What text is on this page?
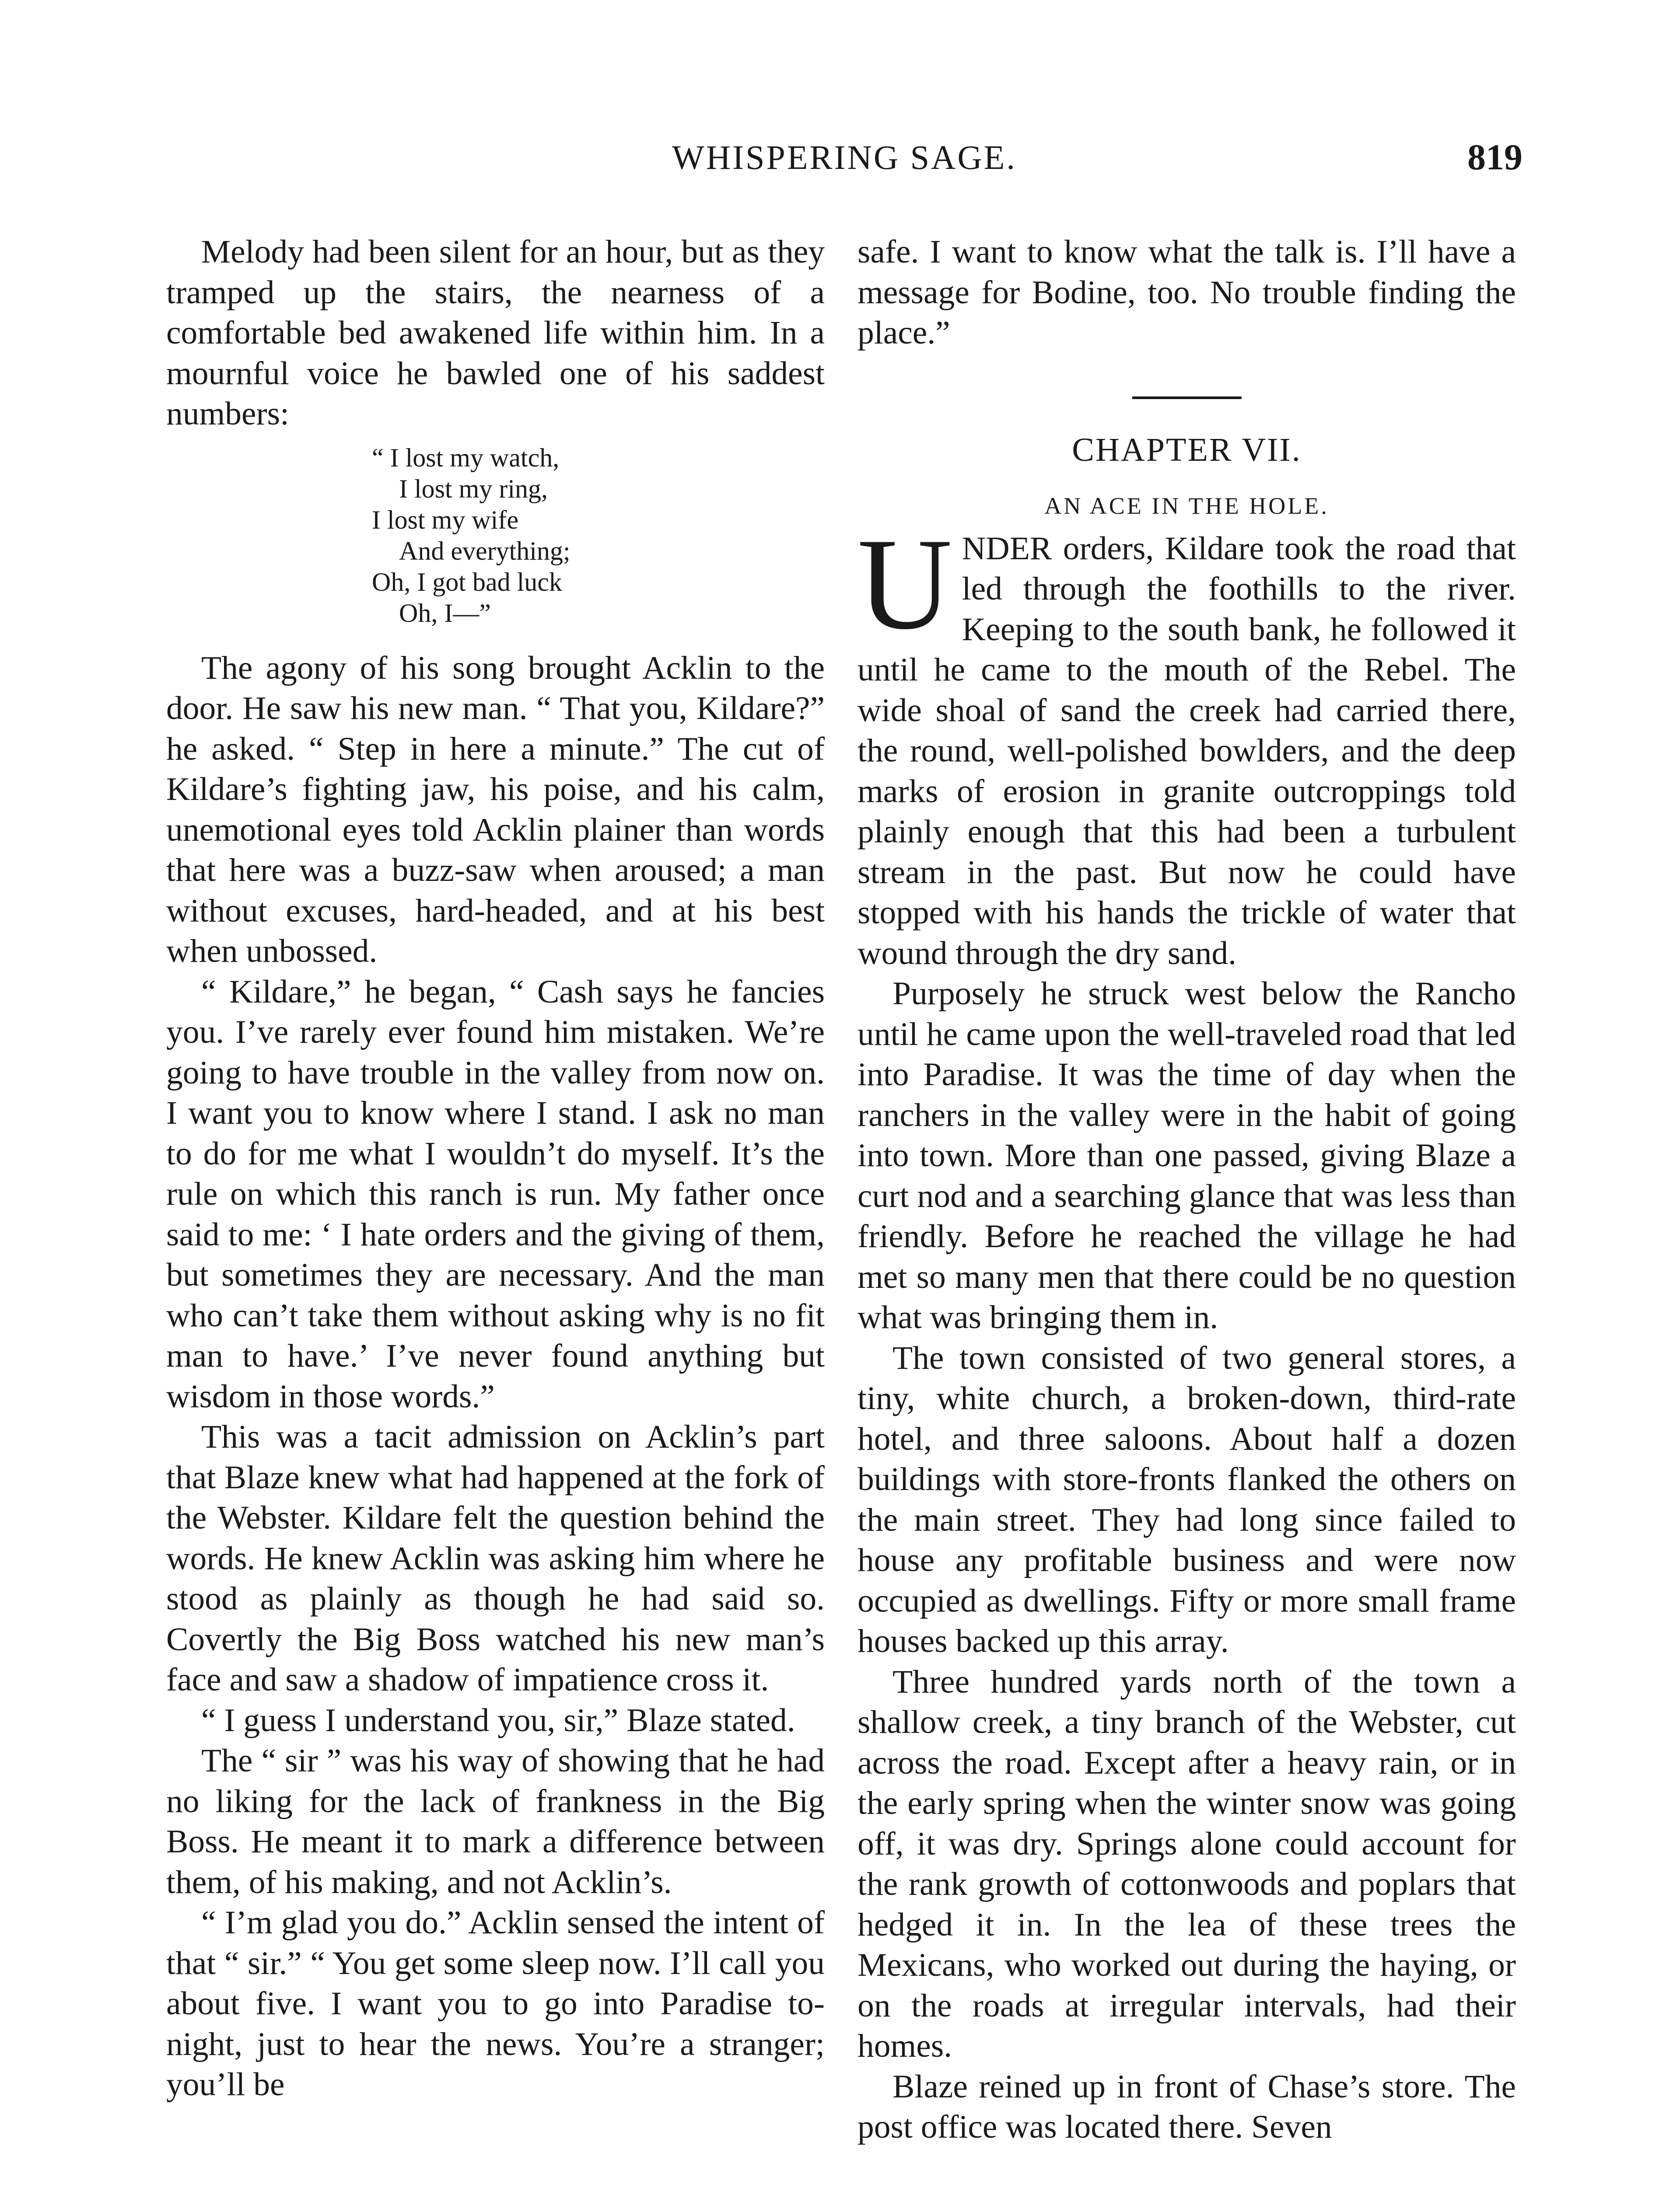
WHISPERING SAGE.	819

Melody had been silent for an hour, but as they tramped up the stairs, the nearness of a comfortable bed awakened life within him. In a mournful voice he bawled one of his saddest numbers:

“ I lost my watch,
I lost my ring,
I lost my wife
And everything;
Oh, I got bad luck
Oh, I—”

The agony of his song brought Acklin to the door. He saw his new man. “ That you, Kildare?” he asked. “ Step in here a minute.” The cut of Kildare’s fighting jaw, his poise, and his calm, unemotional eyes told Acklin plainer than words that here was a buzz-saw when aroused; a man without excuses, hard-headed, and at his best when unbossed.

“ Kildare,” he began, “ Cash says he fancies you. I’ve rarely ever found him mistaken. We’re going to have trouble in the valley from now on. I want you to know where I stand. I ask no man to do for me what I wouldn’t do myself. It’s the rule on which this ranch is run. My father once said to me: ‘ I hate orders and the giving of them, but sometimes they are necessary. And the man who can’t take them without asking why is no fit man to have.’ I’ve never found anything but wisdom in those words.”

This was a tacit admission on Acklin’s part that Blaze knew what had happened at the fork of the Webster. Kildare felt the question behind the words. He knew Acklin was asking him where he stood as plainly as though he had said so. Covertly the Big Boss watched his new man’s face and saw a shadow of impatience cross it.

“ I guess I understand you, sir,” Blaze stated.

The “ sir ” was his way of showing that he had no liking for the lack of frankness in the Big Boss. He meant it to mark a difference between them, of his making, and not Acklin’s.

“ I’m glad you do.” Acklin sensed the intent of that “ sir.” “ You get some sleep now. I’ll call you about five. I want you to go into Paradise to-night, just to hear the news. You’re a stranger; you’ll be

safe. I want to know what the talk is. I’ll have a message for Bodine, too. No trouble finding the place.”

CHAPTER VII.
AN ACE IN THE HOLE.

UNDER orders, Kildare took the road that led through the foothills to the river. Keeping to the south bank, he followed it until he came to the mouth of the Rebel. The wide shoal of sand the creek had carried there, the round, well-polished bowlders, and the deep marks of erosion in granite outcroppings told plainly enough that this had been a turbulent stream in the past. But now he could have stopped with his hands the trickle of water that wound through the dry sand.

Purposely he struck west below the Rancho until he came upon the well-traveled road that led into Paradise. It was the time of day when the ranchers in the valley were in the habit of going into town. More than one passed, giving Blaze a curt nod and a searching glance that was less than friendly. Before he reached the village he had met so many men that there could be no question what was bringing them in.

The town consisted of two general stores, a tiny, white church, a broken-down, third-rate hotel, and three saloons. About half a dozen buildings with store-fronts flanked the others on the main street. They had long since failed to house any profitable business and were now occupied as dwellings. Fifty or more small frame houses backed up this array.

Three hundred yards north of the town a shallow creek, a tiny branch of the Webster, cut across the road. Except after a heavy rain, or in the early spring when the winter snow was going off, it was dry. Springs alone could account for the rank growth of cottonwoods and poplars that hedged it in. In the lea of these trees the Mexicans, who worked out during the haying, or on the roads at irregular intervals, had their homes.

Blaze reined up in front of Chase’s store. The post office was located there. Seven
